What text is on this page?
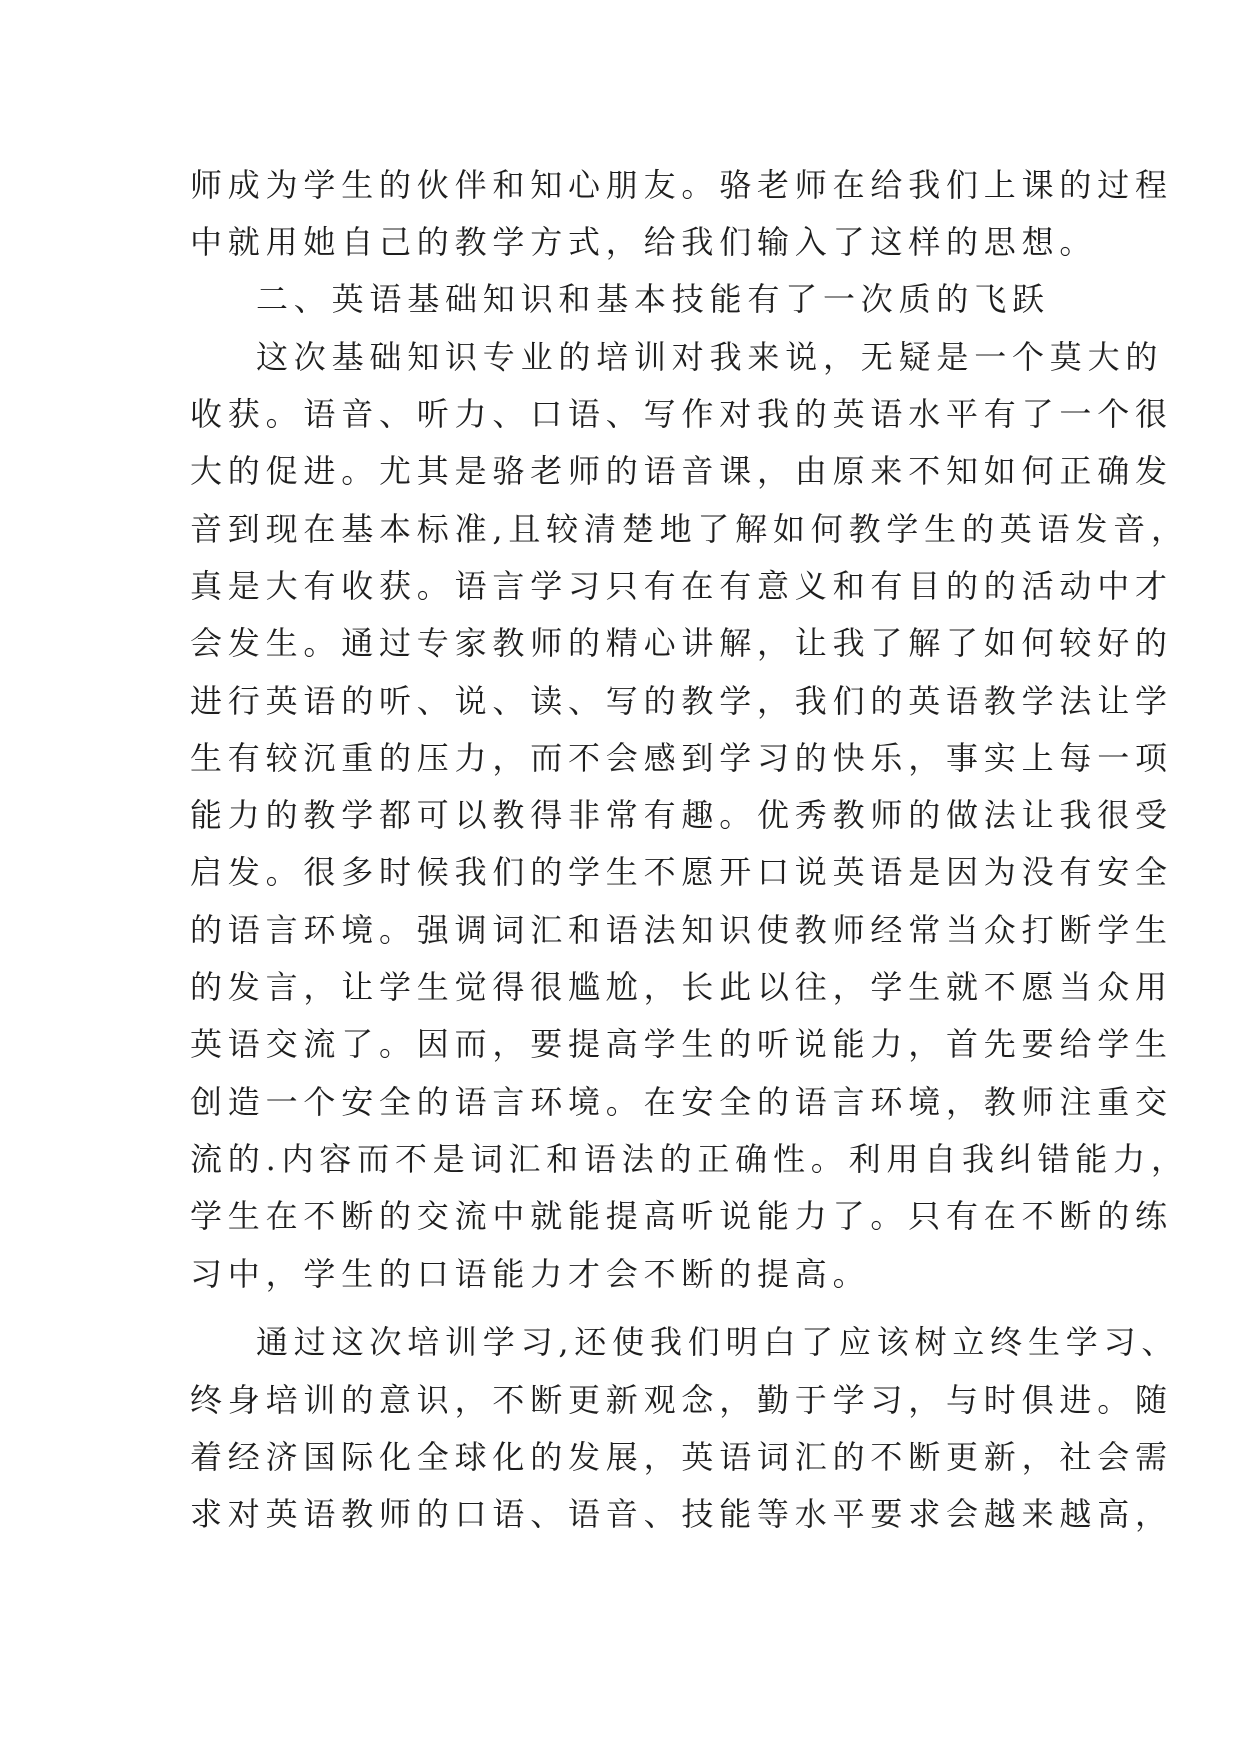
师成为学生的伙伴和知心朋友。骆老师在给我们上课的过程
中就用她自己的教学方式，给我们输入了这样的思想。
二、英语基础知识和基本技能有了一次质的飞跃
这次基础知识专业的培训对我来说，无疑是一个莫大的
收获。语音、听力、口语、写作对我的英语水平有了一个很
大的促进。尤其是骆老师的语音课，由原来不知如何正确发
音到现在基本标准,且较清楚地了解如何教学生的英语发音，
真是大有收获。语言学习只有在有意义和有目的的活动中才
会发生。通过专家教师的精心讲解，让我了解了如何较好的
进行英语的听、说、读、写的教学，我们的英语教学法让学
生有较沉重的压力，而不会感到学习的快乐，事实上每一项
能力的教学都可以教得非常有趣。优秀教师的做法让我很受
启发。很多时候我们的学生不愿开口说英语是因为没有安全
的语言环境。强调词汇和语法知识使教师经常当众打断学生
的发言，让学生觉得很尴尬，长此以往，学生就不愿当众用
英语交流了。因而，要提高学生的听说能力，首先要给学生
创造一个安全的语言环境。在安全的语言环境，教师注重交
流的.内容而不是词汇和语法的正确性。利用自我纠错能力，
学生在不断的交流中就能提高听说能力了。只有在不断的练
习中，学生的口语能力才会不断的提高。
通过这次培训学习,还使我们明白了应该树立终生学习、
终身培训的意识，不断更新观念，勤于学习，与时俱进。随
着经济国际化全球化的发展，英语词汇的不断更新，社会需
求对英语教师的口语、语音、技能等水平要求会越来越高，
